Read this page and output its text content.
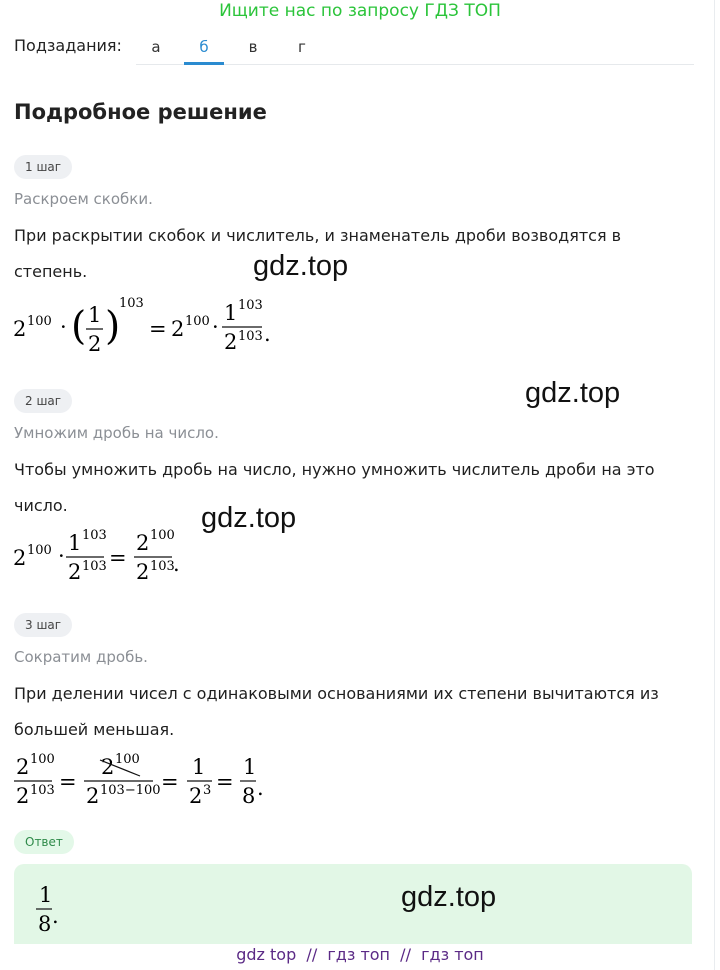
Ищите нас по запросу ГДЗ ТОП
Подзадания:	а	б	в	г
Подробное решение
1 шаг
Раскроем скобки.
При раскрытии скобок и числитель, и знаменатель дроби возводятся в
степень.
2 100 · ( 1
2 )
103
= 2 100 ·
1 103
2 103 .
2 шаг
Умножим дробь на число.
Чтобы умножить дробь на число, нужно умножить числитель дроби на это
число.
2 100 ·
1 103
2 103 =
2 100
2 103
.
3 шаг
Сократим дробь.
При делении чисел с одинаковыми основаниями их степени вычитаются из
большей меньшая.
2 100
2 103 =
2 100
2 103−100 =
1
2 3 =
1
8 .
Ответ
1
8 .
gdz.top
gdz.top
gdz.top
gdz.top
gdz top  //  гдз топ  //  гдз топ
